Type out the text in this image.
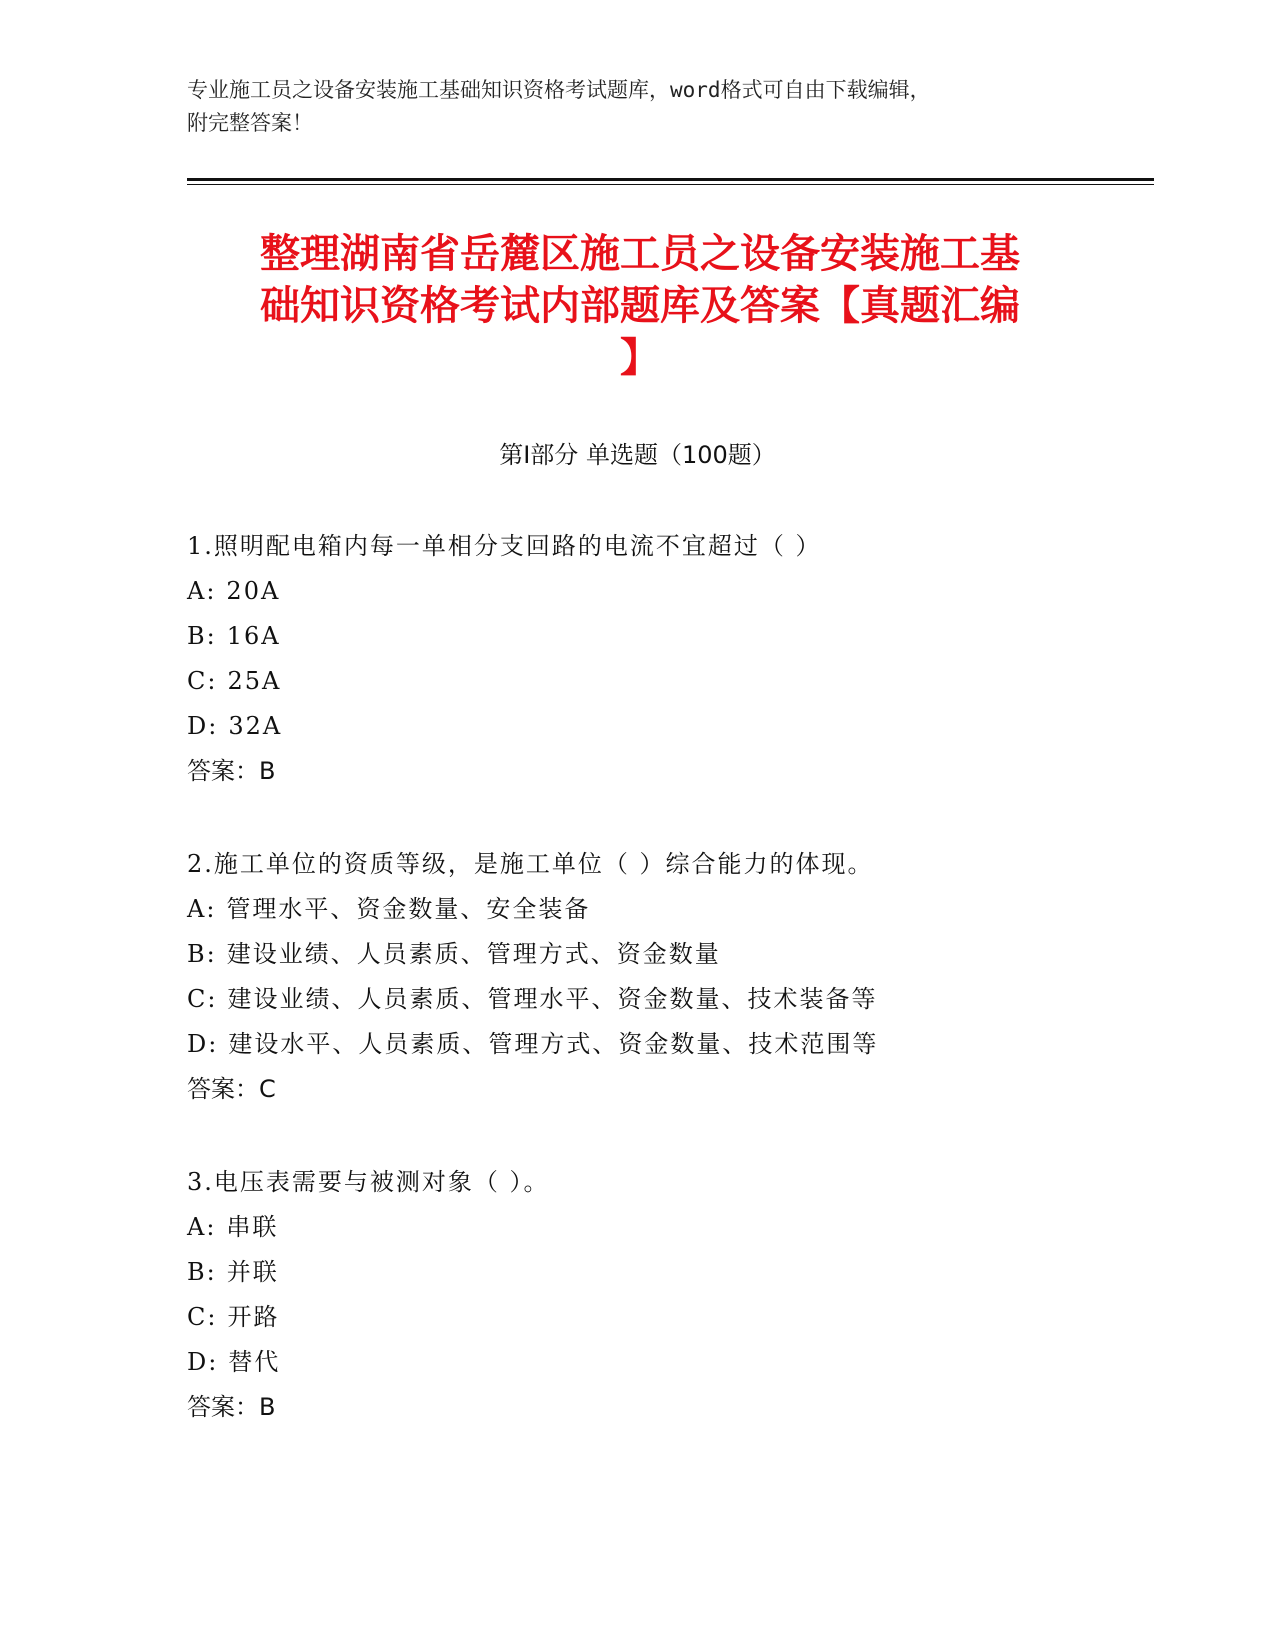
专业施工员之设备安装施工基础知识资格考试题库，word格式可自由下载编辑，
附完整答案！
整理湖南省岳麓区施工员之设备安装施工基
础知识资格考试内部题库及答案【真题汇编
】
第Ⅰ部分 单选题（100题）
1.照明配电箱内每一单相分支回路的电流不宜超过（ ）
A: 20A
B: 16A
C: 25A
D: 32A
答案：B
2.施工单位的资质等级，是施工单位（ ）综合能力的体现。
A: 管理水平、资金数量、安全装备
B: 建设业绩、人员素质、管理方式、资金数量
C: 建设业绩、人员素质、管理水平、资金数量、技术装备等
D: 建设水平、人员素质、管理方式、资金数量、技术范围等
答案：C
3.电压表需要与被测对象（ ）。
A: 串联
B: 并联
C: 开路
D: 替代
答案：B
